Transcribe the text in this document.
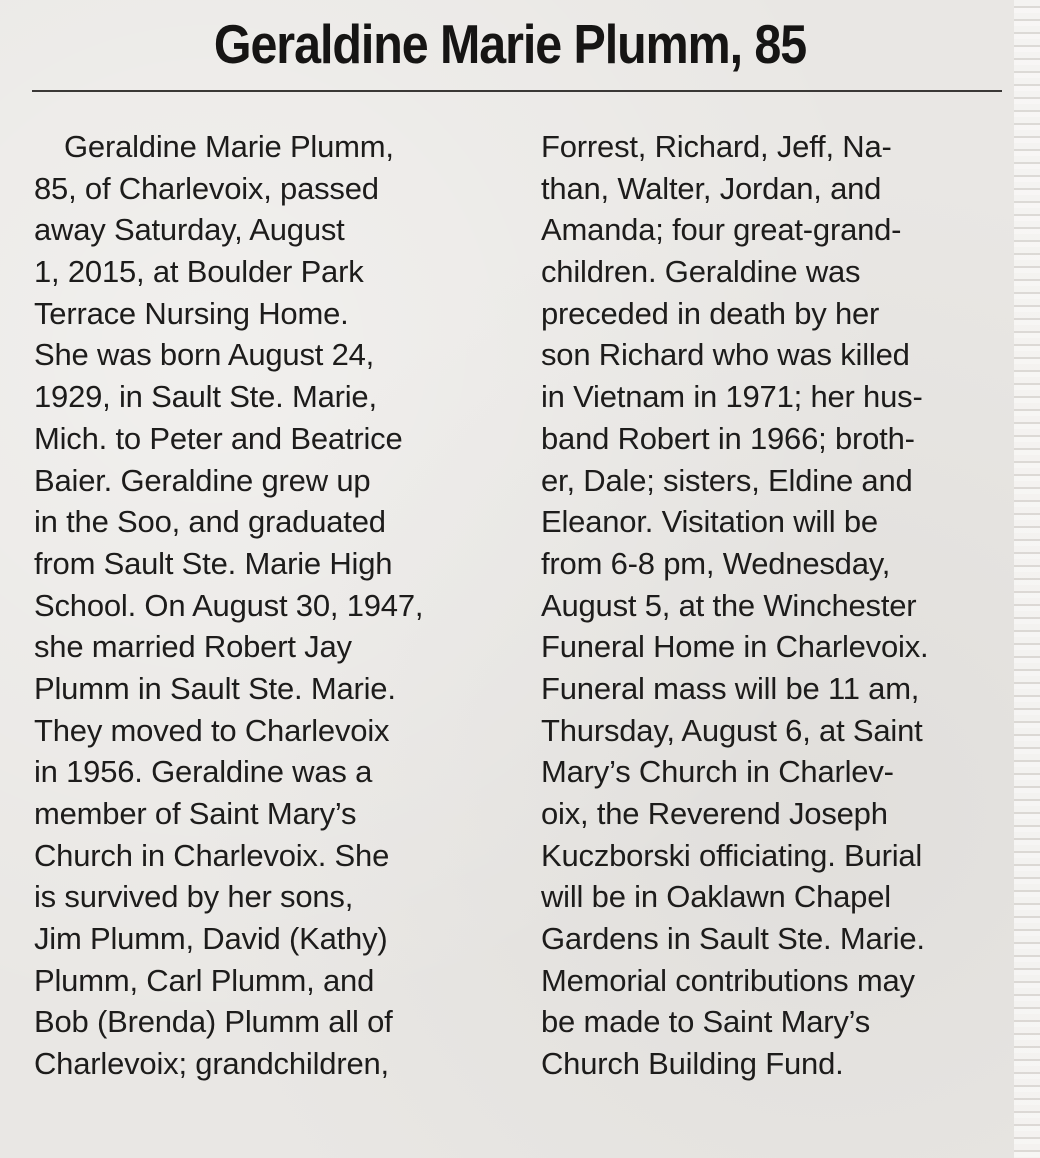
Geraldine Marie Plumm, 85
Geraldine Marie Plumm,
85, of Charlevoix, passed
away Saturday, August
1, 2015, at Boulder Park
Terrace Nursing Home.
She was born August 24,
1929, in Sault Ste. Marie,
Mich. to Peter and Beatrice
Baier. Geraldine grew up
in the Soo, and graduated
from Sault Ste. Marie High
School. On August 30, 1947,
she married Robert Jay
Plumm in Sault Ste. Marie.
They moved to Charlevoix
in 1956. Geraldine was a
member of Saint Mary’s
Church in Charlevoix. She
is survived by her sons,
Jim Plumm, David (Kathy)
Plumm, Carl Plumm, and
Bob (Brenda) Plumm all of
Charlevoix; grandchildren,
Forrest, Richard, Jeff, Na-
than, Walter, Jordan, and
Amanda; four great-grand-
children. Geraldine was
preceded in death by her
son Richard who was killed
in Vietnam in 1971; her hus-
band Robert in 1966; broth-
er, Dale; sisters, Eldine and
Eleanor. Visitation will be
from 6-8 pm, Wednesday,
August 5, at the Winchester
Funeral Home in Charlevoix.
Funeral mass will be 11 am,
Thursday, August 6, at Saint
Mary’s Church in Charlev-
oix, the Reverend Joseph
Kuczborski officiating. Burial
will be in Oaklawn Chapel
Gardens in Sault Ste. Marie.
Memorial contributions may
be made to Saint Mary’s
Church Building Fund.
